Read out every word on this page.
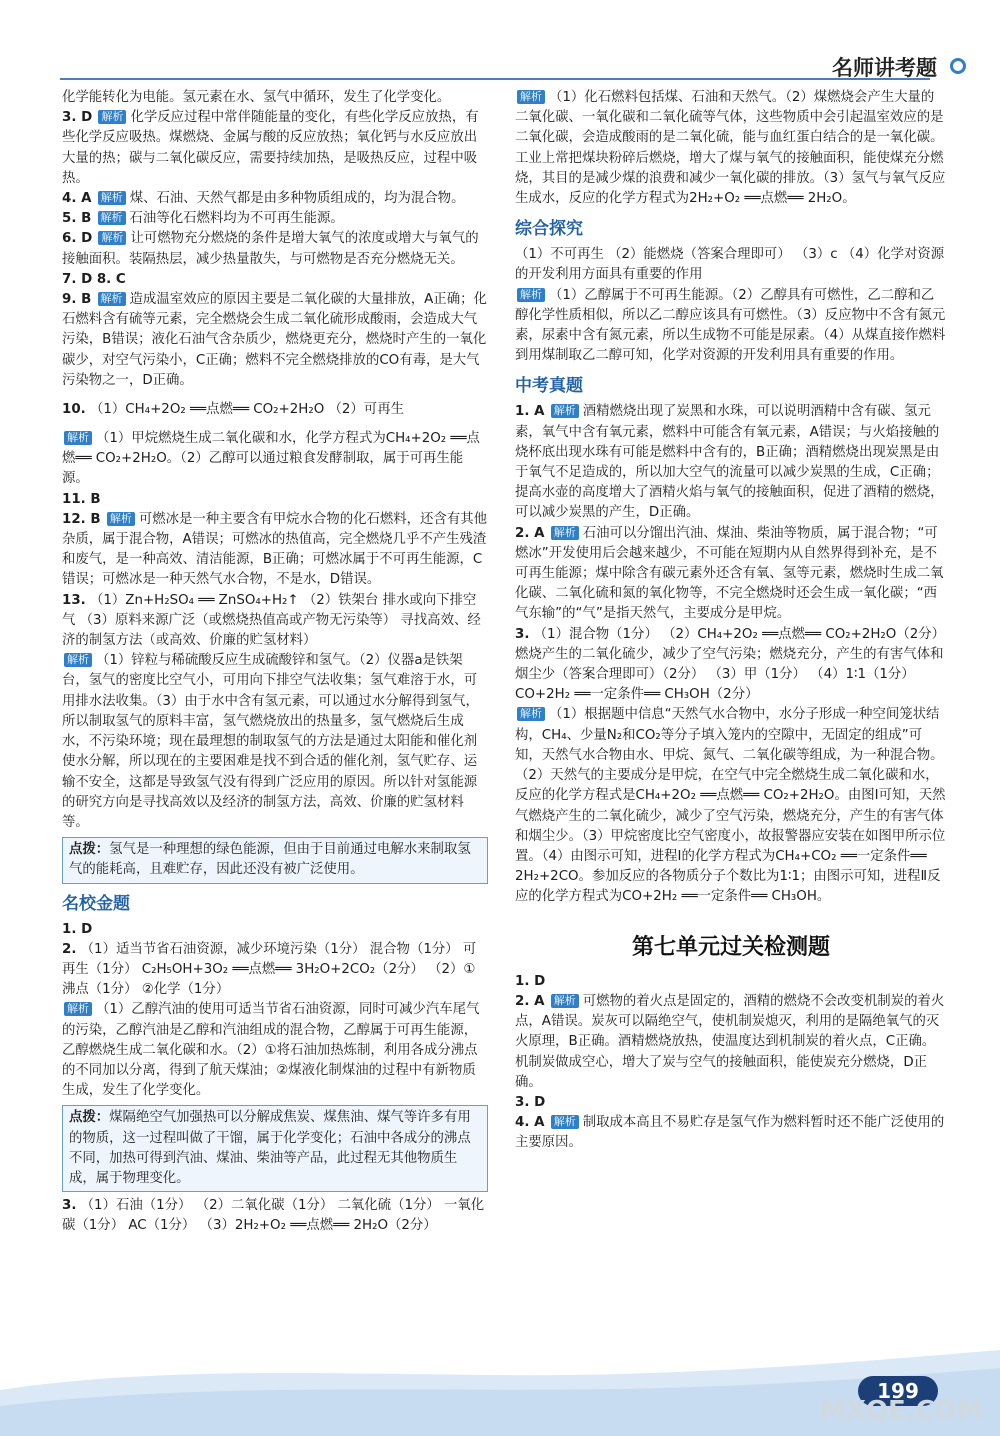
名师讲考题

化学能转化为电能。氢元素在水、氢气中循环，发生了化学变化。

3. D 解析 化学反应过程中常伴随能量的变化，有些化学反应放热，有些化学反应吸热。煤燃烧、金属与酸的反应放热；氧化钙与水反应放出大量的热；碳与二氧化碳反应，需要持续加热，是吸热反应，过程中吸热。

4. A 解析 煤、石油、天然气都是由多种物质组成的，均为混合物。

5. B 解析 石油等化石燃料均为不可再生能源。

6. D 解析 让可燃物充分燃烧的条件是增大氧气的浓度或增大与氧气的接触面积。装隔热层，减少热量散失，与可燃物是否充分燃烧无关。

7. D 8. C

9. B 解析 造成温室效应的原因主要是二氧化碳的大量排放，A正确；化石燃料含有硫等元素，完全燃烧会生成二氧化硫形成酸雨，会造成大气污染，B错误；液化石油气含杂质少，燃烧更充分，燃烧时产生的一氧化碳少，对空气污染小，C正确；燃料不完全燃烧排放的CO有毒，是大气污染物之一，D正确。

10. （1）CH₄+2O₂ ══点燃══ CO₂+2H₂O （2）可再生

解析 （1）甲烷燃烧生成二氧化碳和水，化学方程式为CH₄+2O₂ ══点燃══ CO₂+2H₂O。（2）乙醇可以通过粮食发酵制取，属于可再生能源。

11. B

12. B 解析 可燃冰是一种主要含有甲烷水合物的化石燃料，还含有其他杂质，属于混合物，A错误；可燃冰的热值高，完全燃烧几乎不产生残渣和废气，是一种高效、清洁能源，B正确；可燃冰属于不可再生能源，C错误；可燃冰是一种天然气水合物，不是水，D错误。

13. （1）Zn+H₂SO₄ ══ ZnSO₄+H₂↑ （2）铁架台 排水或向下排空气 （3）原料来源广泛（或燃烧热值高或产物无污染等） 寻找高效、经济的制氢方法（或高效、价廉的贮氢材料）

解析 （1）锌粒与稀硫酸反应生成硫酸锌和氢气。（2）仪器a是铁架台，氢气的密度比空气小，可用向下排空气法收集；氢气难溶于水，可用排水法收集。（3）由于水中含有氢元素，可以通过水分解得到氢气，所以制取氢气的原料丰富，氢气燃烧放出的热量多，氢气燃烧后生成水，不污染环境；现在最理想的制取氢气的方法是通过太阳能和催化剂使水分解，所以现在的主要困难是找不到合适的催化剂，氢气贮存、运输不安全，这都是导致氢气没有得到广泛应用的原因。所以针对氢能源的研究方向是寻找高效以及经济的制氢方法，高效、价廉的贮氢材料等。

点拨：氢气是一种理想的绿色能源，但由于目前通过电解水来制取氢气的能耗高，且难贮存，因此还没有被广泛使用。

名校金题

1. D

2. （1）适当节省石油资源，减少环境污染（1分） 混合物（1分） 可再生（1分） C₂H₅OH+3O₂ ══点燃══ 3H₂O+2CO₂（2分） （2）①沸点（1分） ②化学（1分）

解析 （1）乙醇汽油的使用可适当节省石油资源，同时可减少汽车尾气的污染，乙醇汽油是乙醇和汽油组成的混合物，乙醇属于可再生能源，乙醇燃烧生成二氧化碳和水。（2）①将石油加热炼制，利用各成分沸点的不同加以分离，得到了航天煤油；②煤液化制煤油的过程中有新物质生成，发生了化学变化。

点拨：煤隔绝空气加强热可以分解成焦炭、煤焦油、煤气等许多有用的物质，这一过程叫做了干馏，属于化学变化；石油中各成分的沸点不同，加热可得到汽油、煤油、柴油等产品，此过程无其他物质生成，属于物理变化。

3. （1）石油（1分） （2）二氧化碳（1分） 二氧化硫（1分） 一氧化碳（1分） AC（1分） （3）2H₂+O₂ ══点燃══ 2H₂O（2分）

解析 （1）化石燃料包括煤、石油和天然气。（2）煤燃烧会产生大量的二氧化碳、一氧化碳和二氧化硫等气体，这些物质中会引起温室效应的是二氧化碳，会造成酸雨的是二氧化硫，能与血红蛋白结合的是一氧化碳。工业上常把煤块粉碎后燃烧，增大了煤与氧气的接触面积，能使煤充分燃烧，其目的是减少煤的浪费和减少一氧化碳的排放。（3）氢气与氧气反应生成水，反应的化学方程式为2H₂+O₂ ══点燃══ 2H₂O。

综合探究

（1）不可再生 （2）能燃烧（答案合理即可） （3）c （4）化学对资源的开发利用方面具有重要的作用

解析 （1）乙醇属于不可再生能源。（2）乙醇具有可燃性，乙二醇和乙醇化学性质相似，所以乙二醇应该具有可燃性。（3）反应物中不含有氮元素，尿素中含有氮元素，所以生成物不可能是尿素。（4）从煤直接作燃料到用煤制取乙二醇可知，化学对资源的开发利用具有重要的作用。

中考真题

1. A 解析 酒精燃烧出现了炭黑和水珠，可以说明酒精中含有碳、氢元素，氧气中含有氧元素，燃料中可能含有氧元素，A错误；与火焰接触的烧杯底出现水珠有可能是燃料中含有的，B正确；酒精燃烧出现炭黑是由于氧气不足造成的，所以加大空气的流量可以减少炭黑的生成，C正确；提高水壶的高度增大了酒精火焰与氧气的接触面积，促进了酒精的燃烧，可以减少炭黑的产生，D正确。

2. A 解析 石油可以分馏出汽油、煤油、柴油等物质，属于混合物；“可燃冰”开发使用后会越来越少，不可能在短期内从自然界得到补充，是不可再生能源；煤中除含有碳元素外还含有氧、氢等元素，燃烧时生成二氧化碳、二氧化硫和氮的氧化物等，不完全燃烧时还会生成一氧化碳；“西气东输”的“气”是指天然气，主要成分是甲烷。

3. （1）混合物（1分） （2）CH₄+2O₂ ══点燃══ CO₂+2H₂O（2分） 燃烧产生的二氧化硫少，减少了空气污染；燃烧充分，产生的有害气体和烟尘少（答案合理即可）（2分） （3）甲（1分） （4）1∶1（1分） CO+2H₂ ══一定条件══ CH₃OH（2分）

解析 （1）根据题中信息“天然气水合物中，水分子形成一种空间笼状结构，CH₄、少量N₂和CO₂等分子填入笼内的空隙中，无固定的组成”可知，天然气水合物由水、甲烷、氮气、二氧化碳等组成，为一种混合物。（2）天然气的主要成分是甲烷，在空气中完全燃烧生成二氧化碳和水，反应的化学方程式是CH₄+2O₂ ══点燃══ CO₂+2H₂O。由图Ⅰ可知，天然气燃烧产生的二氧化硫少，减少了空气污染，燃烧充分，产生的有害气体和烟尘少。（3）甲烷密度比空气密度小，故报警器应安装在如图甲所示位置。（4）由图示可知，进程Ⅰ的化学方程式为CH₄+CO₂ ══一定条件══ 2H₂+2CO。参加反应的各物质分子个数比为1∶1；由图示可知，进程Ⅱ反应的化学方程式为CO+2H₂ ══一定条件══ CH₃OH。

第七单元过关检测题

1. D

2. A 解析 可燃物的着火点是固定的，酒精的燃烧不会改变机制炭的着火点，A错误。炭灰可以隔绝空气，使机制炭熄灭，利用的是隔绝氧气的灭火原理，B正确。酒精燃烧放热，使温度达到机制炭的着火点，C正确。机制炭做成空心，增大了炭与空气的接触面积，能使炭充分燃烧，D正确。

3. D

4. A 解析 制取成本高且不易贮存是氢气作为燃料暂时还不能广泛使用的主要原因。

199
MXQE.COM
